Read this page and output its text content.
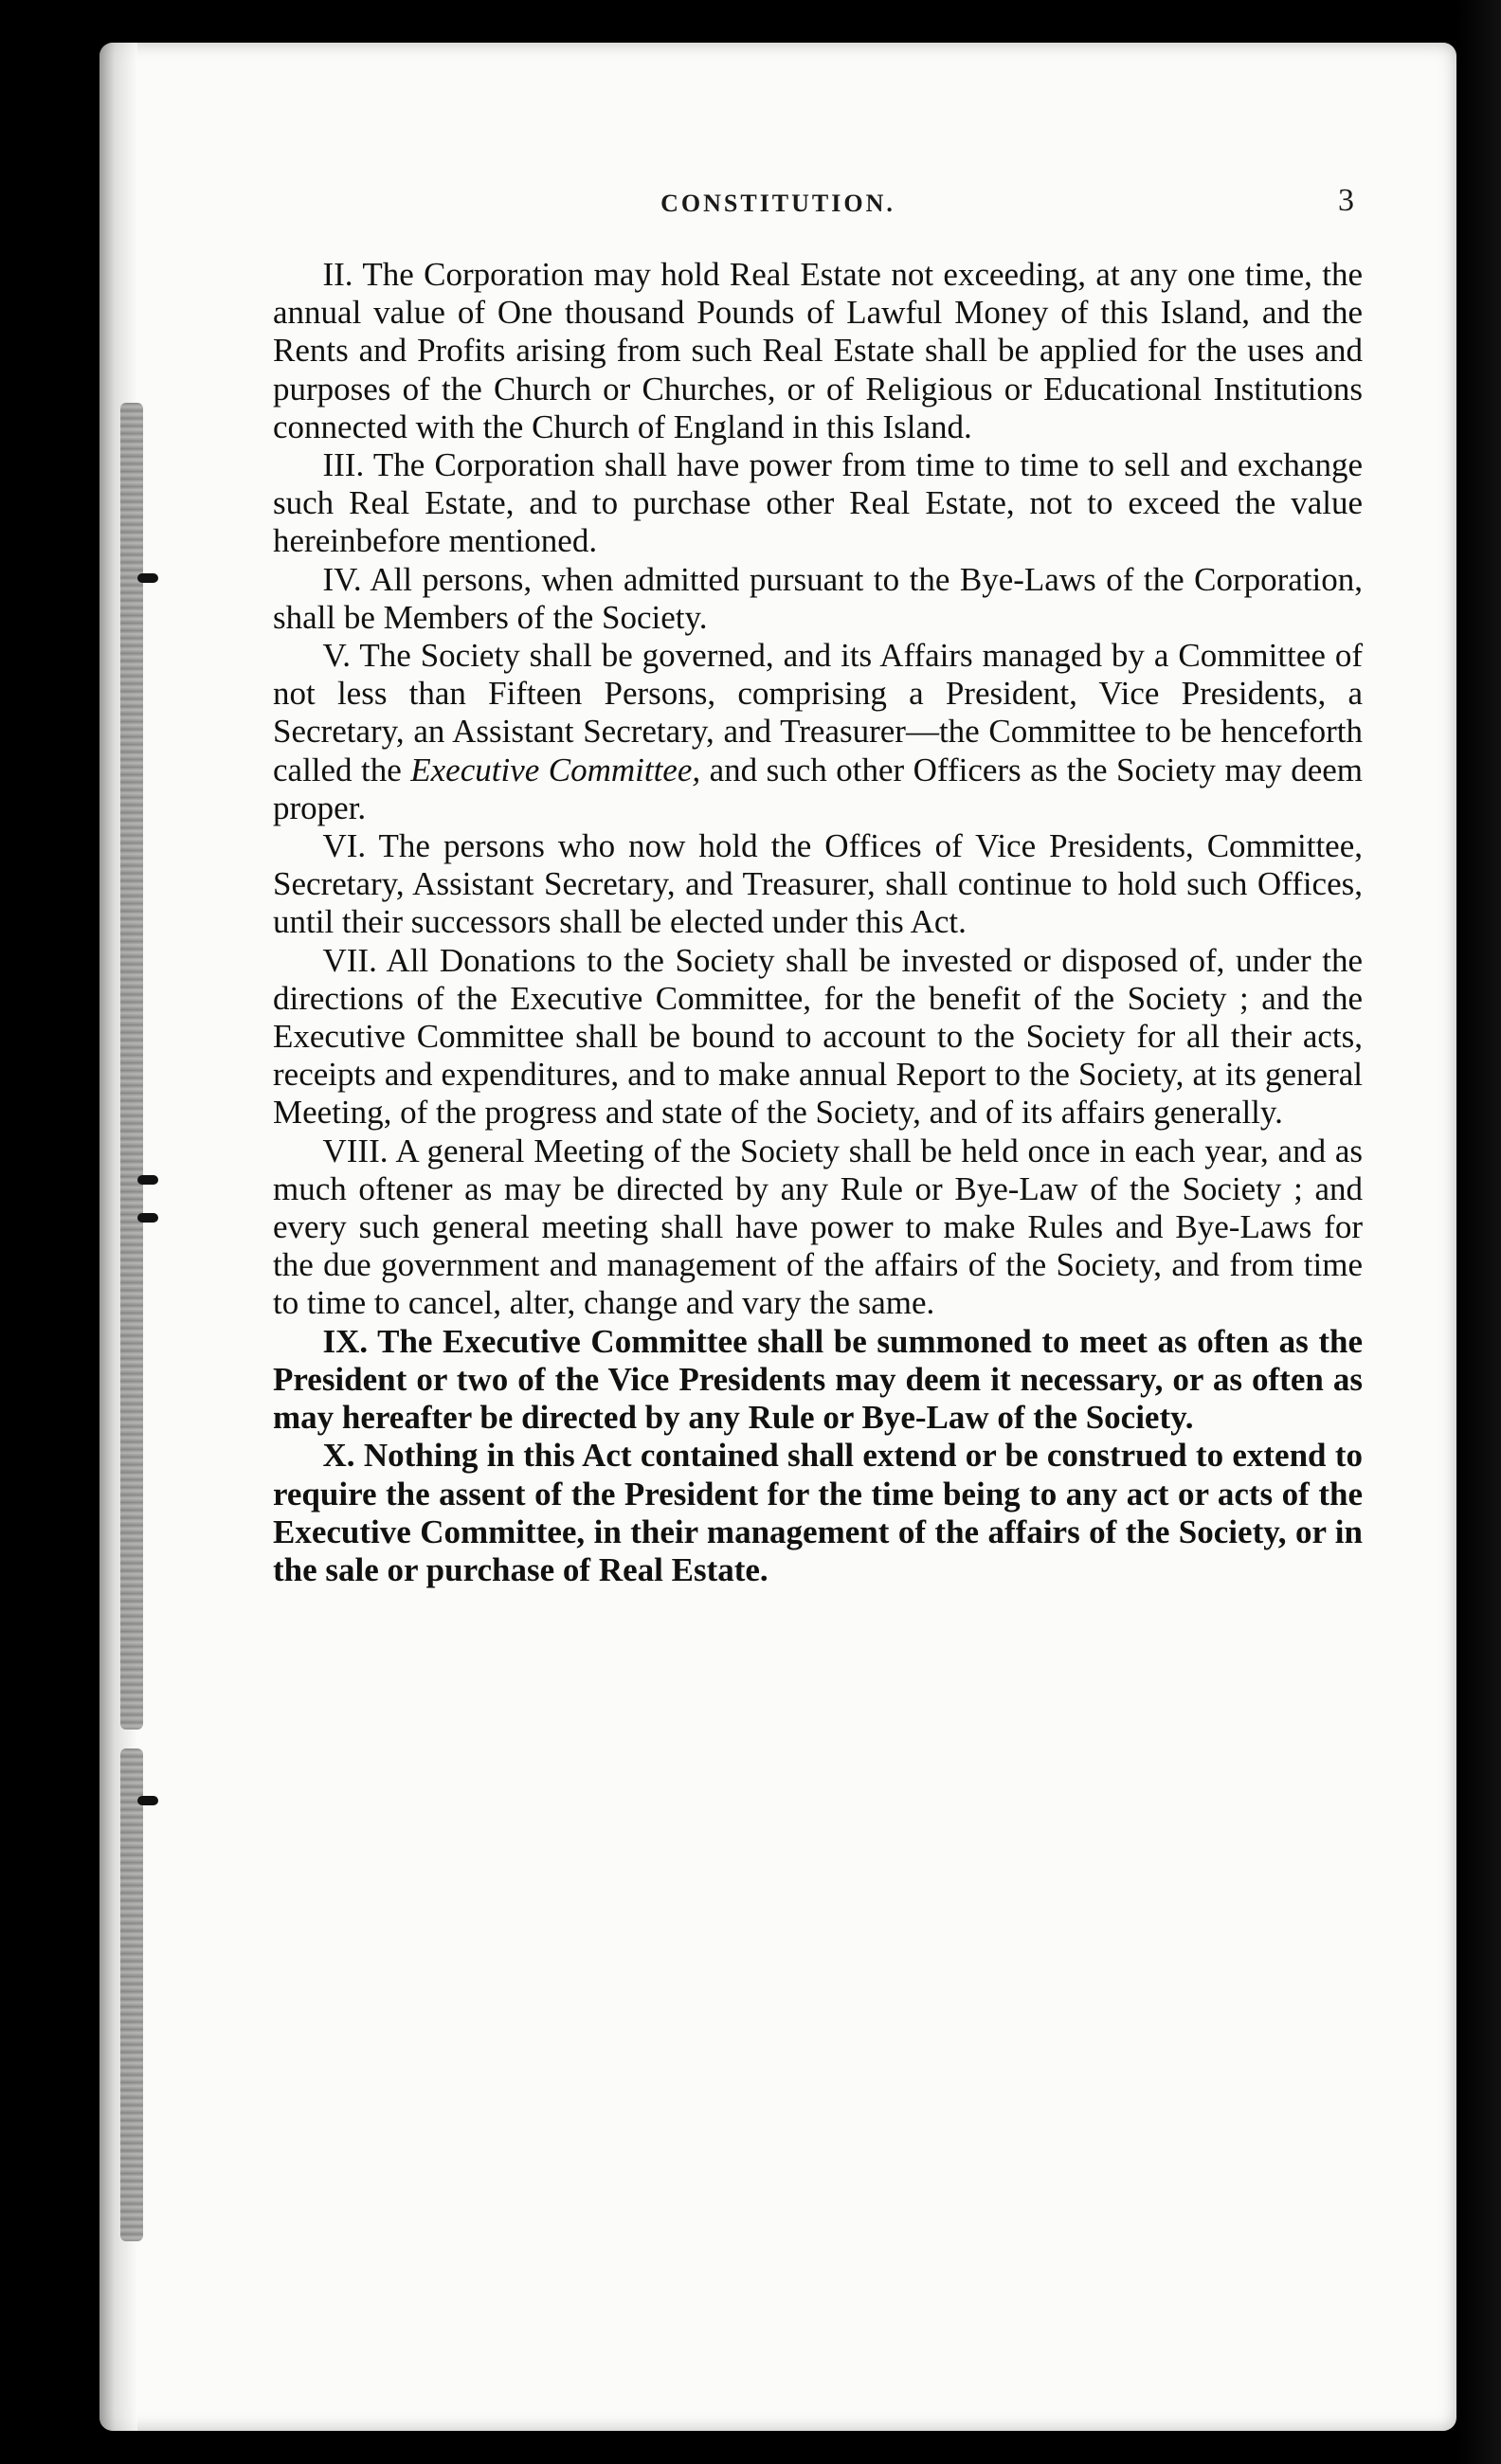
CONSTITUTION.	3

II. The Corporation may hold Real Estate not exceeding, at any one time, the annual value of One thousand Pounds of Lawful Money of this Island, and the Rents and Profits arising from such Real Estate shall be applied for the uses and purposes of the Church or Churches, or of Religious or Educational Institutions connected with the Church of England in this Island.

III. The Corporation shall have power from time to time to sell and exchange such Real Estate, and to purchase other Real Estate, not to exceed the value hereinbefore mentioned.

IV. All persons, when admitted pursuant to the Bye-Laws of the Corporation, shall be Members of the Society.

V. The Society shall be governed, and its Affairs managed by a Committee of not less than Fifteen Persons, comprising a President, Vice Presidents, a Secretary, an Assistant Secretary, and Treasurer—the Committee to be henceforth called the Executive Committee, and such other Officers as the Society may deem proper.

VI. The persons who now hold the Offices of Vice Presidents, Committee, Secretary, Assistant Secretary, and Treasurer, shall continue to hold such Offices, until their successors shall be elected under this Act.

VII. All Donations to the Society shall be invested or disposed of, under the directions of the Executive Committee, for the benefit of the Society ; and the Executive Committee shall be bound to account to the Society for all their acts, receipts and expenditures, and to make annual Report to the Society, at its general Meeting, of the progress and state of the Society, and of its affairs generally.

VIII. A general Meeting of the Society shall be held once in each year, and as much oftener as may be directed by any Rule or Bye-Law of the Society ; and every such general meeting shall have power to make Rules and Bye-Laws for the due government and management of the affairs of the Society, and from time to time to cancel, alter, change and vary the same.

IX. The Executive Committee shall be summoned to meet as often as the President or two of the Vice Presidents may deem it necessary, or as often as may hereafter be directed by any Rule or Bye-Law of the Society.

X. Nothing in this Act contained shall extend or be construed to extend to require the assent of the President for the time being to any act or acts of the Executive Committee, in their management of the affairs of the Society, or in the sale or purchase of Real Estate.
